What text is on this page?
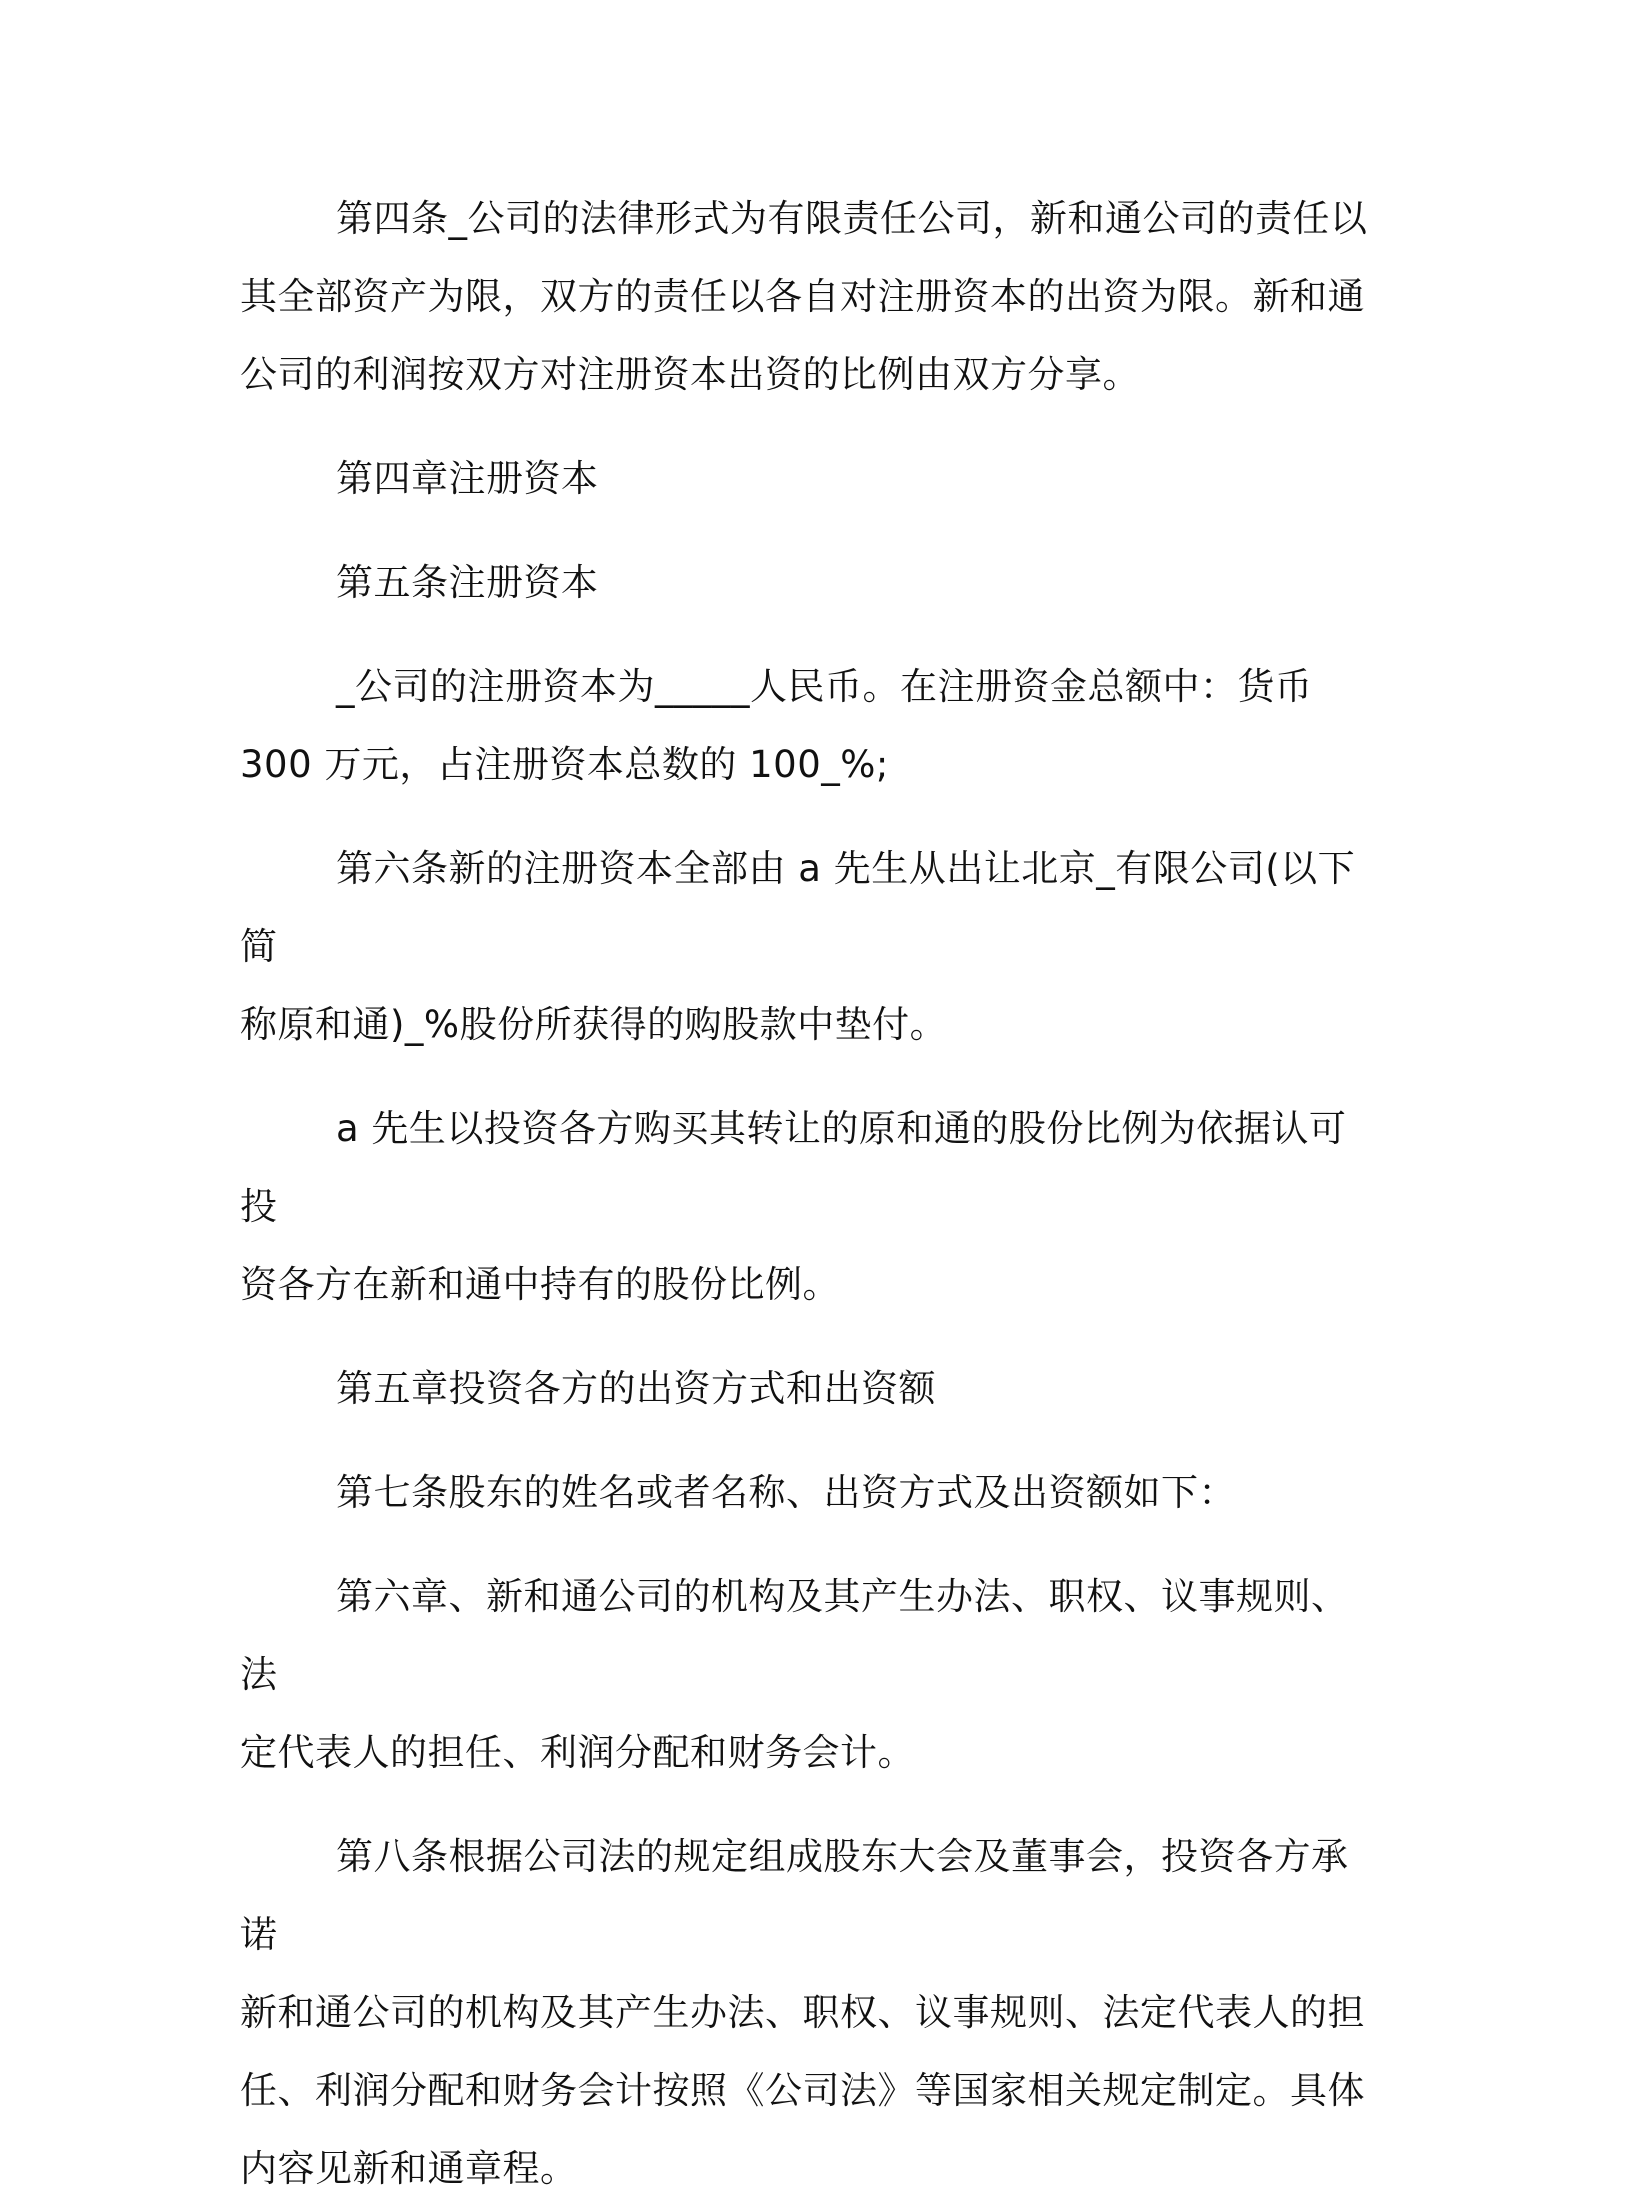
第四条_公司的法律形式为有限责任公司，新和通公司的责任以
其全部资产为限，双方的责任以各自对注册资本的出资为限。新和通
公司的利润按双方对注册资本出资的比例由双方分享。

第四章注册资本

第五条注册资本

_公司的注册资本为_____人民币。在注册资金总额中：货币
300 万元，占注册资本总数的 100_%;

第六条新的注册资本全部由 a 先生从出让北京_有限公司(以下简
称原和通)_%股份所获得的购股款中垫付。

a 先生以投资各方购买其转让的原和通的股份比例为依据认可投
资各方在新和通中持有的股份比例。

第五章投资各方的出资方式和出资额

第七条股东的姓名或者名称、出资方式及出资额如下：

第六章、新和通公司的机构及其产生办法、职权、议事规则、法
定代表人的担任、利润分配和财务会计。

第八条根据公司法的规定组成股东大会及董事会，投资各方承诺
新和通公司的机构及其产生办法、职权、议事规则、法定代表人的担
任、利润分配和财务会计按照《公司法》等国家相关规定制定。具体
内容见新和通章程。
